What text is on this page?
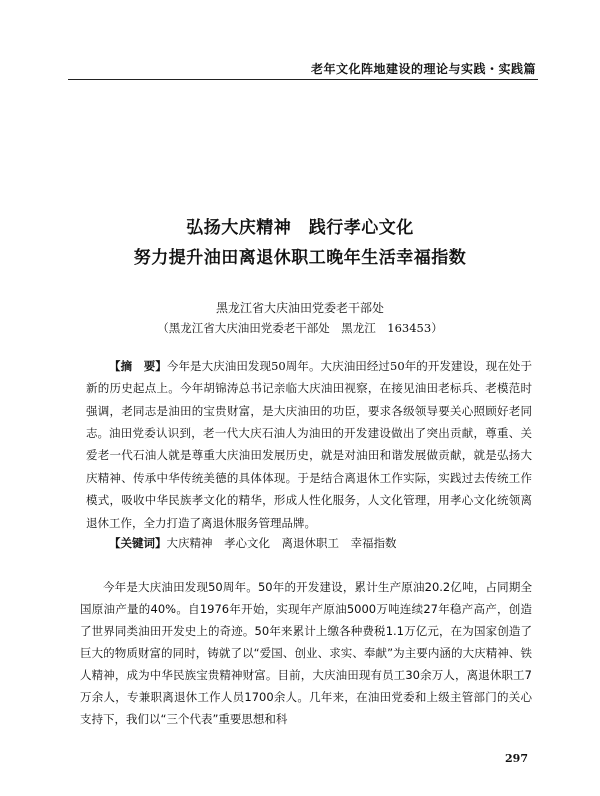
老年文化阵地建设的理论与实践・实践篇
弘扬大庆精神　践行孝心文化
努力提升油田离退休职工晚年生活幸福指数
黑龙江省大庆油田党委老干部处
（黑龙江省大庆油田党委老干部处　黑龙江　163453）
【摘　要】今年是大庆油田发现50周年。大庆油田经过50年的开发建设，现在处于新的历史起点上。今年胡锦涛总书记亲临大庆油田视察，在接见油田老标兵、老模范时强调，老同志是油田的宝贵财富，是大庆油田的功臣，要求各级领导要关心照顾好老同志。 油田党委认识到，老一代大庆石油人为油田的开发建设做出了突出贡献，尊重、关爱老一代石油人就是尊重大庆油田发展历史，就是对油田和谐发展做贡献，就是弘扬大庆精神、传承中华传统美德的具体体现。于是结合离退休工作实际，实践过去传统工作模式，吸收中华民族孝文化的精华，形成人性化服务，人文化管理，用孝心文化统领离退休工作，全力打造了离退休服务管理品牌。
【关键词】大庆精神　孝心文化　离退休职工　幸福指数
今年是大庆油田发现50周年。50年的开发建设，累计生产原油20.2亿吨，占同期全国原油产量的40%。自1976年开始，实现年产原油5000万吨连续27年稳产高产，创造了世界同类油田开发史上的奇迹。50年来累计上缴各种费税1.1万亿元，在为国家创造了巨大的物质财富的同时，铸就了以“爱国、创业、求实、奉献”为主要内涵的大庆精神、铁人精神，成为中华民族宝贵精神财富。目前，大庆油田现有员工30余万人，离退休职工7万余人，专兼职离退休工作人员1700余人。几年来，在油田党委和上级主管部门的关心支持下，我们以“三个代表”重要思想和科
297
